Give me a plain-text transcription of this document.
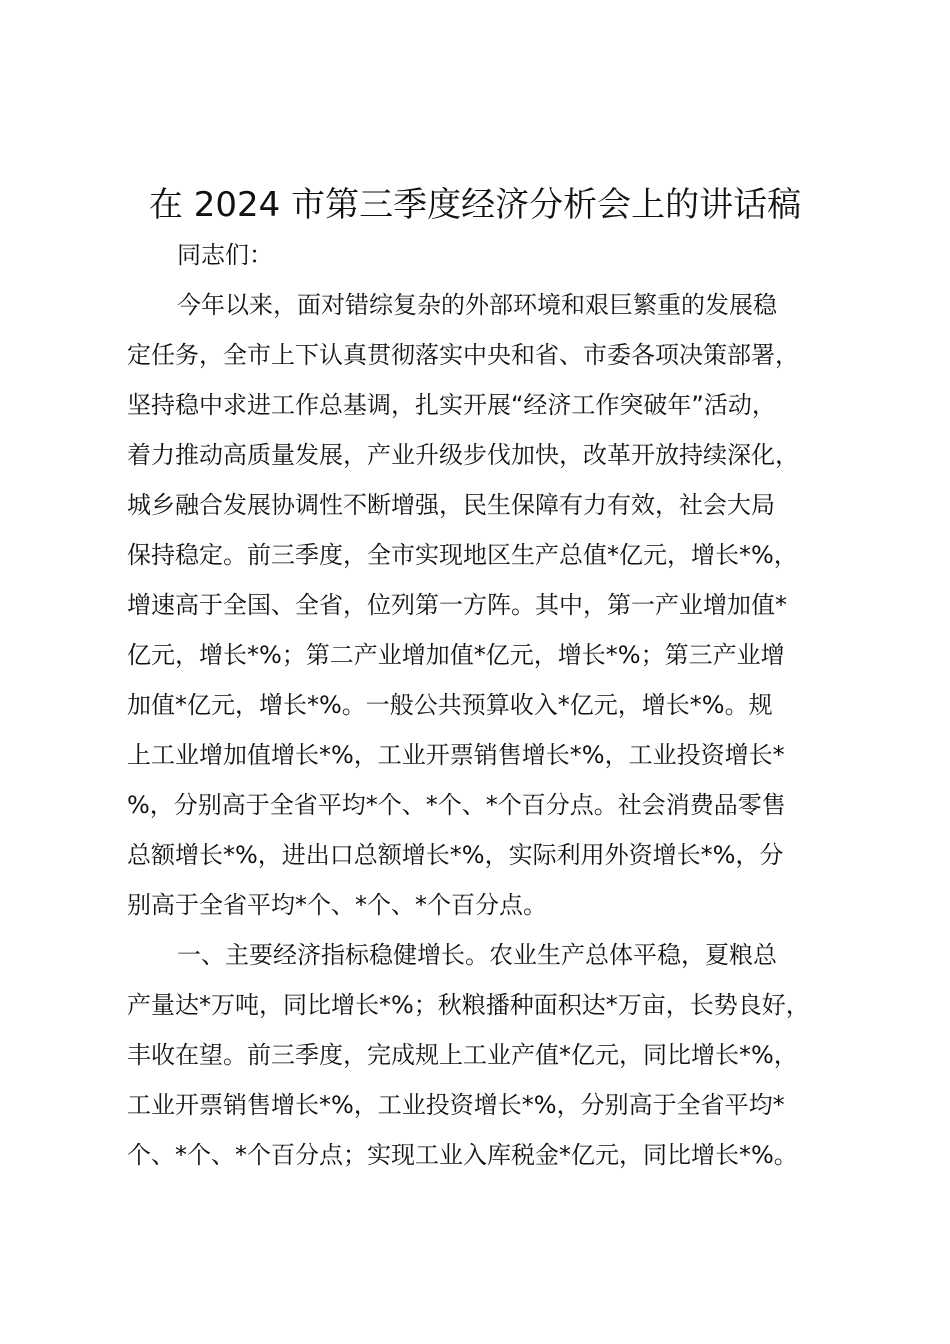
在 2024 市第三季度经济分析会上的讲话稿

同志们：

今年以来，面对错综复杂的外部环境和艰巨繁重的发展稳
定任务，全市上下认真贯彻落实中央和省、市委各项决策部署，
坚持稳中求进工作总基调，扎实开展“经济工作突破年”活动，
着力推动高质量发展，产业升级步伐加快，改革开放持续深化，
城乡融合发展协调性不断增强，民生保障有力有效，社会大局
保持稳定。前三季度，全市实现地区生产总值*亿元，增长*%，
增速高于全国、全省，位列第一方阵。其中，第一产业增加值*
亿元，增长*%；第二产业增加值*亿元，增长*%；第三产业增
加值*亿元，增长*%。一般公共预算收入*亿元，增长*%。规
上工业增加值增长*%，工业开票销售增长*%，工业投资增长*
%，分别高于全省平均*个、*个、*个百分点。社会消费品零售
总额增长*%，进出口总额增长*%，实际利用外资增长*%，分
别高于全省平均*个、*个、*个百分点。

一、主要经济指标稳健增长。农业生产总体平稳，夏粮总
产量达*万吨，同比增长*%；秋粮播种面积达*万亩，长势良好，
丰收在望。前三季度，完成规上工业产值*亿元，同比增长*%，
工业开票销售增长*%，工业投资增长*%，分别高于全省平均*
个、*个、*个百分点；实现工业入库税金*亿元，同比增长*%。
